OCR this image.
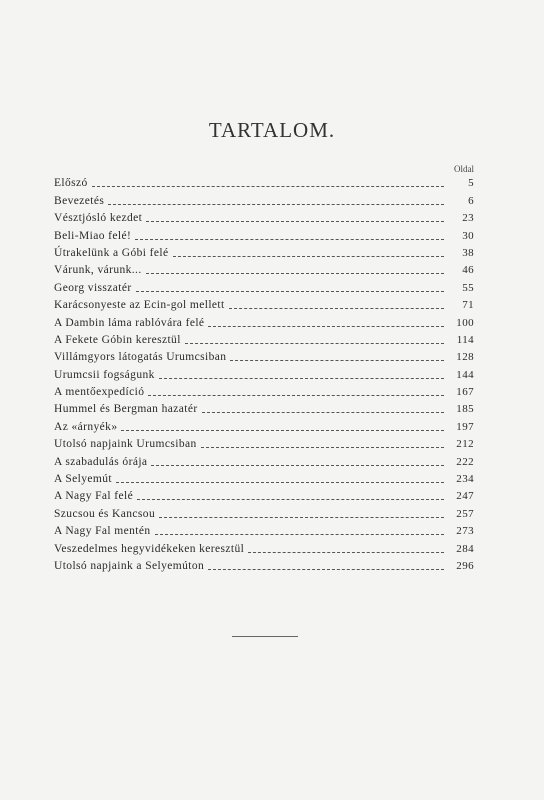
TARTALOM.
Oldal
Előszó	5
Bevezetés	6
Vésztjósló kezdet	23
Beli-Miao felé!	30
Útrakelünk a Góbi felé	38
Várunk, várunk...	46
Georg visszatér	55
Karácsonyeste az Ecin-gol mellett	71
A Dambin láma rablóvára felé	100
A Fekete Góbin keresztül	114
Villámgyors látogatás Urumcsiban	128
Urumcsii fogságunk	144
A mentőexpedíció	167
Hummel és Bergman hazatér	185
Az «árnyék»	197
Utolsó napjaink Urumcsiban	212
A szabadulás órája	222
A Selyemút	234
A Nagy Fal felé	247
Szucsou és Kancsou	257
A Nagy Fal mentén	273
Veszedelmes hegyvidékeken keresztül	284
Utolsó napjaink a Selyemúton	296
